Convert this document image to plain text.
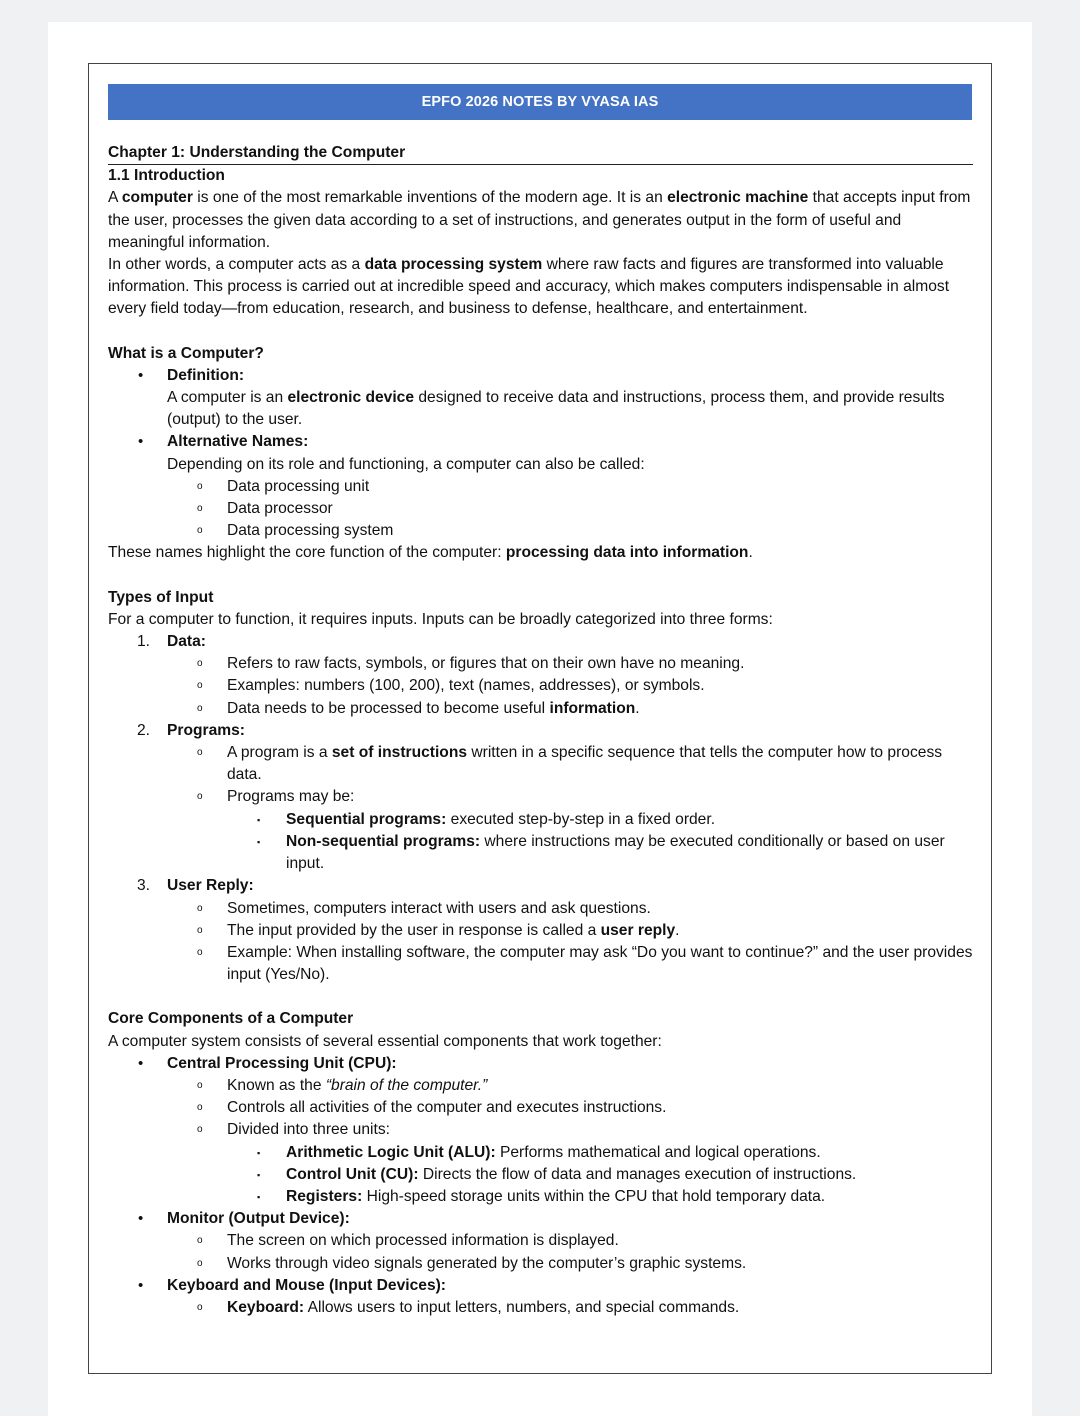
EPFO 2026 NOTES BY VYASA IAS

Chapter 1: Understanding the Computer

1.1 Introduction

A computer is one of the most remarkable inventions of the modern age. It is an electronic machine that accepts input from the user, processes the given data according to a set of instructions, and generates output in the form of useful and meaningful information.

In other words, a computer acts as a data processing system where raw facts and figures are transformed into valuable information. This process is carried out at incredible speed and accuracy, which makes computers indispensable in almost every field today—from education, research, and business to defense, healthcare, and entertainment.

What is a Computer?

• Definition:

A computer is an electronic device designed to receive data and instructions, process them, and provide results (output) to the user.

• Alternative Names:

Depending on its role and functioning, a computer can also be called:

o Data processing unit
o Data processor
o Data processing system

These names highlight the core function of the computer: processing data into information.

Types of Input

For a computer to function, it requires inputs. Inputs can be broadly categorized into three forms:

1. Data:
o Refers to raw facts, symbols, or figures that on their own have no meaning.
o Examples: numbers (100, 200), text (names, addresses), or symbols.
o Data needs to be processed to become useful information.
2. Programs:
o A program is a set of instructions written in a specific sequence that tells the computer how to process data.
o Programs may be:
▪ Sequential programs: executed step-by-step in a fixed order.
▪ Non-sequential programs: where instructions may be executed conditionally or based on user input.
3. User Reply:
o Sometimes, computers interact with users and ask questions.
o The input provided by the user in response is called a user reply.
o Example: When installing software, the computer may ask “Do you want to continue?” and the user provides input (Yes/No).

Core Components of a Computer

A computer system consists of several essential components that work together:

• Central Processing Unit (CPU):
o Known as the “brain of the computer.”
o Controls all activities of the computer and executes instructions.
o Divided into three units:
▪ Arithmetic Logic Unit (ALU): Performs mathematical and logical operations.
▪ Control Unit (CU): Directs the flow of data and manages execution of instructions.
▪ Registers: High-speed storage units within the CPU that hold temporary data.
• Monitor (Output Device):
o The screen on which processed information is displayed.
o Works through video signals generated by the computer’s graphic systems.
• Keyboard and Mouse (Input Devices):
o Keyboard: Allows users to input letters, numbers, and special commands.
